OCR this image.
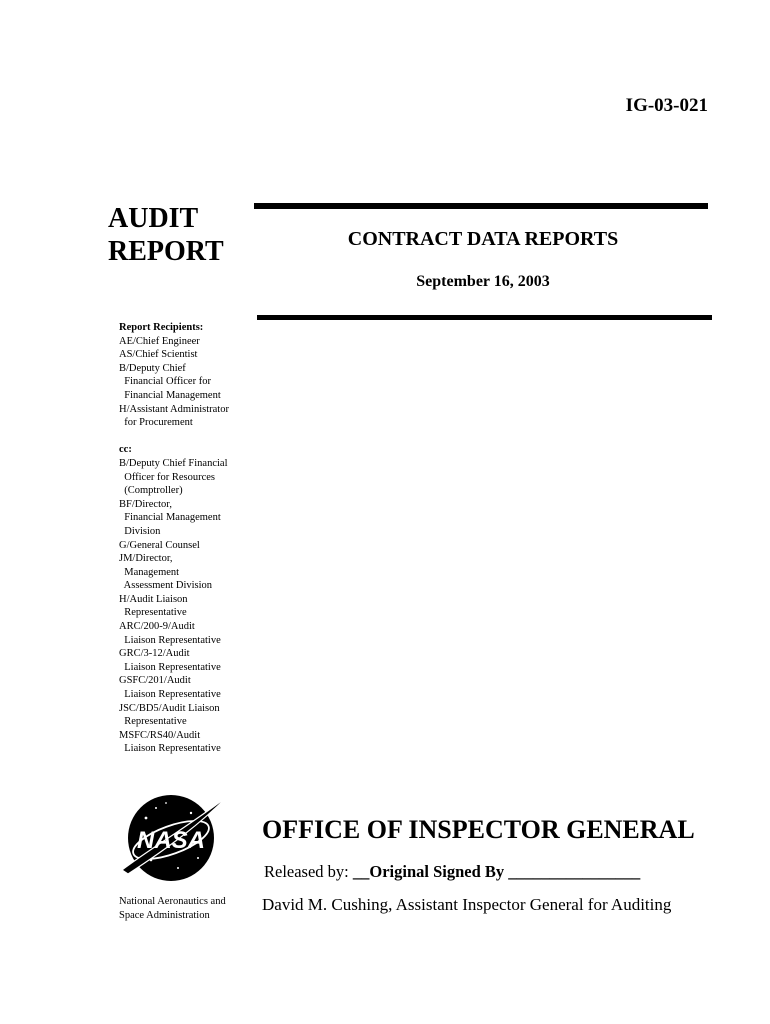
IG-03-021
AUDIT
REPORT	CONTRACT DATA REPORTS
September 16, 2003
Report Recipients:
AE/Chief Engineer
AS/Chief Scientist
B/Deputy Chief
Financial Officer for
Financial Management
H/Assistant Administrator
for Procurement
cc:
B/Deputy Chief Financial
Officer for Resources
(Comptroller)
BF/Director,
Financial Management
Division
G/General Counsel
JM/Director,
Management
Assessment Division
H/Audit Liaison
Representative
ARC/200-9/Audit
Liaison Representative
GRC/3-12/Audit
Liaison Representative
GSFC/201/Audit
Liaison Representative
JSC/BD5/Audit Liaison
Representative
MSFC/RS40/Audit
Liaison Representative
NASA
National Aeronautics and
Space Administration
OFFICE OF INSPECTOR GENERAL
Released by: __Original Signed By ________________
David M. Cushing, Assistant Inspector General for Auditing
